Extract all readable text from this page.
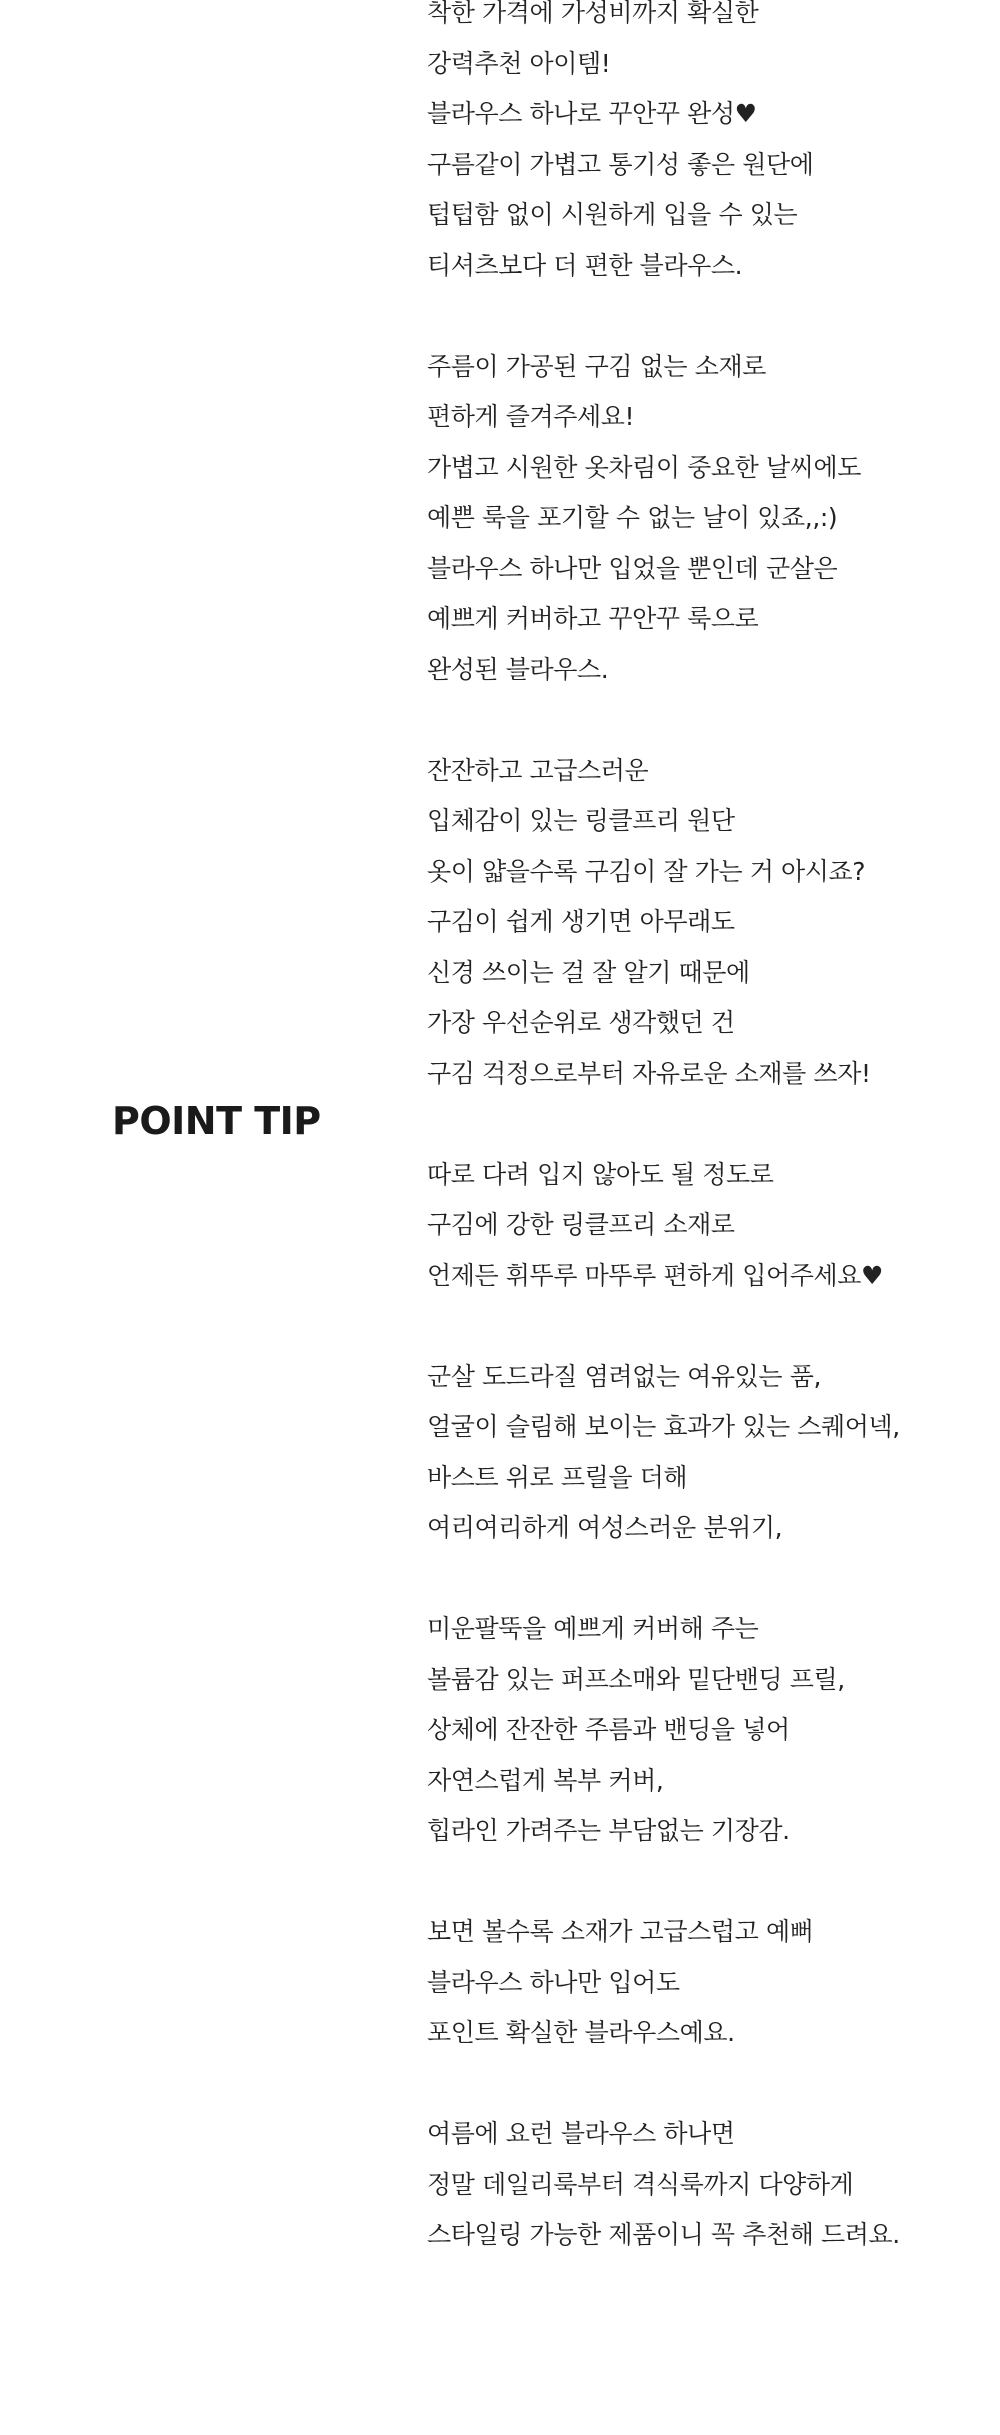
POINT TIP
착한 가격에 가성비까지 확실한
강력추천 아이템!
블라우스 하나로 꾸안꾸 완성♥
구름같이 가볍고 통기성 좋은 원단에
텁텁함 없이 시원하게 입을 수 있는
티셔츠보다 더 편한 블라우스.
주름이 가공된 구김 없는 소재로
편하게 즐겨주세요!
가볍고 시원한 옷차림이 중요한 날씨에도
예쁜 룩을 포기할 수 없는 날이 있죠,,:)
블라우스 하나만 입었을 뿐인데 군살은
예쁘게 커버하고 꾸안꾸 룩으로
완성된 블라우스.
잔잔하고 고급스러운
입체감이 있는 링클프리 원단
옷이 얇을수록 구김이 잘 가는 거 아시죠?
구김이 쉽게 생기면 아무래도
신경 쓰이는 걸 잘 알기 때문에
가장 우선순위로 생각했던 건
구김 걱정으로부터 자유로운 소재를 쓰자!
따로 다려 입지 않아도 될 정도로
구김에 강한 링클프리 소재로
언제든 휘뚜루 마뚜루 편하게 입어주세요♥
군살 도드라질 염려없는 여유있는 품,
얼굴이 슬림해 보이는 효과가 있는 스퀘어넥,
바스트 위로 프릴을 더해
여리여리하게 여성스러운 분위기,
미운팔뚝을 예쁘게 커버해 주는
볼륨감 있는 퍼프소매와 밑단밴딩 프릴,
상체에 잔잔한 주름과 밴딩을 넣어
자연스럽게 복부 커버,
힙라인 가려주는 부담없는 기장감.
보면 볼수록 소재가 고급스럽고 예뻐
블라우스 하나만 입어도
포인트 확실한 블라우스예요.
여름에 요런 블라우스 하나면
정말 데일리룩부터 격식룩까지 다양하게
스타일링 가능한 제품이니 꼭 추천해 드려요.
